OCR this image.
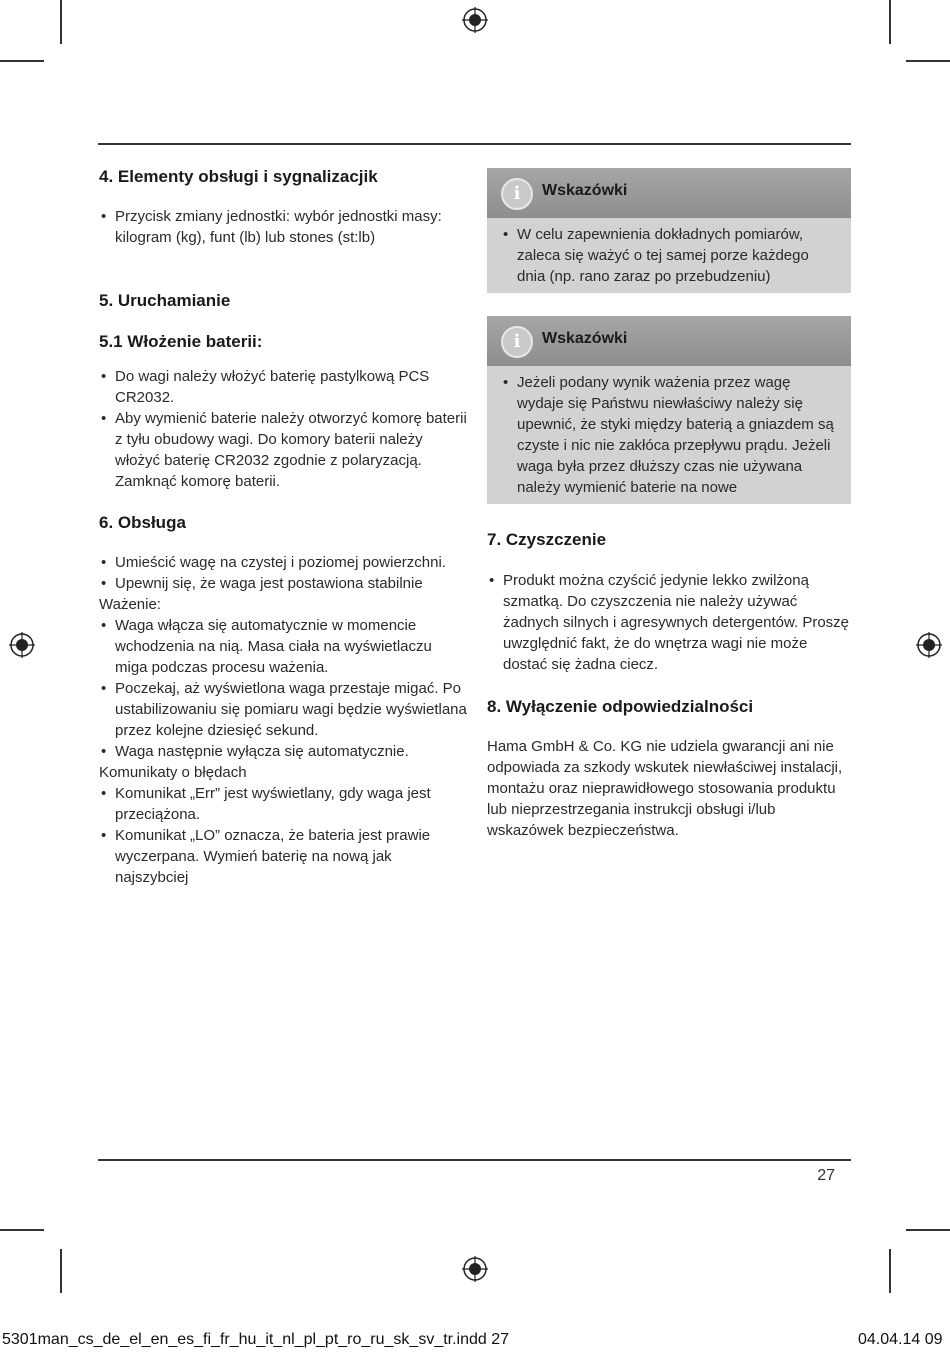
4. Elementy obsługi i sygnalizacjik
• Przycisk zmiany jednostki: wybór jednostki masy: kilogram (kg), funt (lb) lub stones (st:lb)
5. Uruchamianie
5.1 Włożenie baterii:
• Do wagi należy włożyć baterię pastylkową PCS CR2032.
• Aby wymienić baterie należy otworzyć komorę baterii z tyłu obudowy wagi. Do komory baterii należy włożyć baterię CR2032 zgodnie z polaryzacją. Zamknąć komorę baterii.
6. Obsługa
• Umieścić wagę na czystej i poziomej powierzchni.
• Upewnij się, że waga jest postawiona stabilnie

Ważenie:

• Waga włącza się automatycznie w momencie wchodzenia na nią. Masa ciała na wyświetlaczu miga podczas procesu ważenia.
• Poczekaj, aż wyświetlona waga przestaje migać. Po ustabilizowaniu się pomiaru wagi będzie wyświetlana przez kolejne dziesięć sekund.
• Waga następnie wyłącza się automatycznie.

Komunikaty o błędach

• Komunikat „Err” jest wyświetlany, gdy waga jest przeciążona.
• Komunikat „LO” oznacza, że bateria jest prawie wyczerpana. Wymień baterię na nową jak najszybciej
i	Wskazówki
• W celu zapewnienia dokładnych pomiarów, zaleca się ważyć o tej samej porze każdego dnia (np. rano zaraz po przebudzeniu)
i	Wskazówki
• Jeżeli podany wynik ważenia przez wagę wydaje się Państwu niewłaściwy należy się upewnić, że styki między baterią a gniazdem są czyste i nic nie zakłóca przepływu prądu. Jeżeli waga była przez dłuższy czas nie używana należy wymienić baterie na nowe
7. Czyszczenie
• Produkt można czyścić jedynie lekko zwilżoną szmatką. Do czyszczenia nie należy używać żadnych silnych i agresywnych detergentów. Proszę uwzględnić fakt, że do wnętrza wagi nie może dostać się żadna ciecz.
8. Wyłączenie odpowiedzialności

Hama GmbH & Co. KG nie udziela gwarancji ani nie odpowiada za szkody wskutek niewłaściwej instalacji, montażu oraz nieprawidłowego stosowania produktu lub nieprzestrzegania instrukcji obsługi i/lub wskazówek bezpieczeństwa.

27
5301man_cs_de_el_en_es_fi_fr_hu_it_nl_pl_pt_ro_ru_sk_sv_tr.indd 27	04.04.14 09
